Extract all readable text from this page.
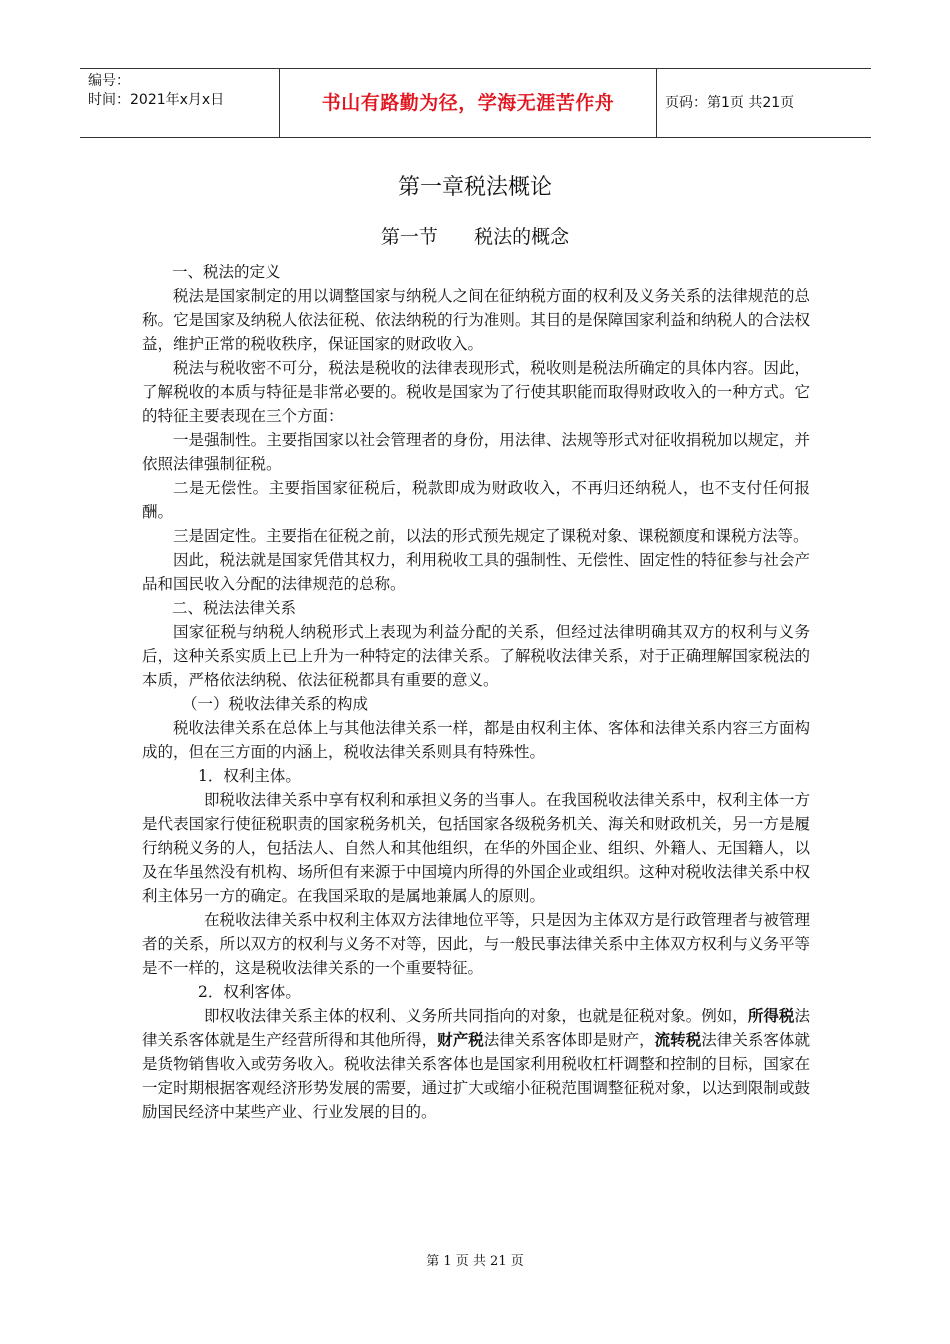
编号：
时间：2021年x月x日	书山有路勤为径，学海无涯苦作舟	页码：第1页 共21页
第一章税法概论
第一节      税法的概念

一、税法的定义

税法是国家制定的用以调整国家与纳税人之间在征纳税方面的权利及义务关系的法律规范的总称。它是国家及纳税人依法征税、依法纳税的行为准则。其目的是保障国家利益和纳税人的合法权益，维护正常的税收秩序，保证国家的财政收入。

税法与税收密不可分，税法是税收的法律表现形式，税收则是税法所确定的具体内容。因此，了解税收的本质与特征是非常必要的。税收是国家为了行使其职能而取得财政收入的一种方式。它的特征主要表现在三个方面：

一是强制性。主要指国家以社会管理者的身份，用法律、法规等形式对征收捐税加以规定，并依照法律强制征税。

二是无偿性。主要指国家征税后，税款即成为财政收入，不再归还纳税人，也不支付任何报酬。

三是固定性。主要指在征税之前，以法的形式预先规定了课税对象、课税额度和课税方法等。

因此，税法就是国家凭借其权力，利用税收工具的强制性、无偿性、固定性的特征参与社会产品和国民收入分配的法律规范的总称。

二、税法法律关系

国家征税与纳税人纳税形式上表现为利益分配的关系，但经过法律明确其双方的权利与义务后，这种关系实质上已上升为一种特定的法律关系。了解税收法律关系，对于正确理解国家税法的本质，严格依法纳税、依法征税都具有重要的意义。

（一）税收法律关系的构成

税收法律关系在总体上与其他法律关系一样，都是由权利主体、客体和法律关系内容三方面构成的，但在三方面的内涵上，税收法律关系则具有特殊性。

1．权利主体。

即税收法律关系中享有权利和承担义务的当事人。在我国税收法律关系中，权利主体一方是代表国家行使征税职责的国家税务机关，包括国家各级税务机关、海关和财政机关，另一方是履行纳税义务的人，包括法人、自然人和其他组织，在华的外国企业、组织、外籍人、无国籍人，以及在华虽然没有机构、场所但有来源于中国境内所得的外国企业或组织。这种对税收法律关系中权利主体另一方的确定。在我国采取的是属地兼属人的原则。

在税收法律关系中权利主体双方法律地位平等，只是因为主体双方是行政管理者与被管理者的关系，所以双方的权利与义务不对等，因此，与一般民事法律关系中主体双方权利与义务平等是不一样的，这是税收法律关系的一个重要特征。

2．权利客体。

即权收法律关系主体的权利、义务所共同指向的对象，也就是征税对象。例如，所得税法律关系客体就是生产经营所得和其他所得，财产税法律关系客体即是财产，流转税法律关系客体就是货物销售收入或劳务收入。税收法律关系客体也是国家利用税收杠杆调整和控制的目标，国家在一定时期根据客观经济形势发展的需要，通过扩大或缩小征税范围调整征税对象，以达到限制或鼓励国民经济中某些产业、行业发展的目的。

第 1 页 共 21 页
